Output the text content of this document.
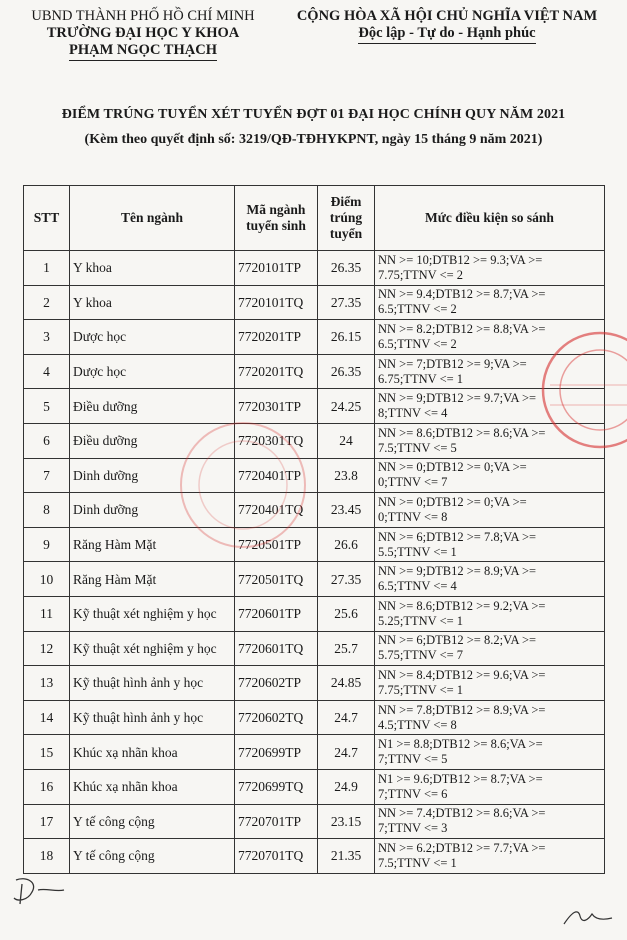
UBND THÀNH PHỐ HỒ CHÍ MINH
TRƯỜNG ĐẠI HỌC Y KHOA
PHẠM NGỌC THẠCH
CỘNG HÒA XÃ HỘI CHỦ NGHĨA VIỆT NAM
Độc lập - Tự do - Hạnh phúc
ĐIỂM TRÚNG TUYỂN XÉT TUYỂN ĐỢT 01 ĐẠI HỌC CHÍNH QUY NĂM 2021
(Kèm theo quyết định số: 3219/QĐ-TĐHYKPNT, ngày 15 tháng 9 năm 2021)
STT	Tên ngành	Mã ngành tuyển sinh	Điểm trúng tuyển	Mức điều kiện so sánh
1	Y khoa	7720101TP	26.35	NN >= 10;DTB12 >= 9.3;VA >=
7.75;TTNV <= 2

2	Y khoa	7720101TQ	27.35	NN >= 9.4;DTB12 >= 8.7;VA >=
6.5;TTNV <= 2

3	Dược học	7720201TP	26.15	NN >= 8.2;DTB12 >= 8.8;VA >=
6.5;TTNV <= 2

4	Dược học	7720201TQ	26.35	NN >= 7;DTB12 >= 9;VA >=
6.75;TTNV <= 1

5	Điều dưỡng	7720301TP	24.25	NN >= 9;DTB12 >= 9.7;VA >=
8;TTNV <= 4

6	Điều dưỡng	7720301TQ	24	NN >= 8.6;DTB12 >= 8.6;VA >=
7.5;TTNV <= 5

7	Dinh dưỡng	7720401TP	23.8	NN >= 0;DTB12 >= 0;VA >=
0;TTNV <= 7

8	Dinh dưỡng	7720401TQ	23.45	NN >= 0;DTB12 >= 0;VA >=
0;TTNV <= 8

9	Răng Hàm Mặt	7720501TP	26.6	NN >= 6;DTB12 >= 7.8;VA >=
5.5;TTNV <= 1

10	Răng Hàm Mặt	7720501TQ	27.35	NN >= 9;DTB12 >= 8.9;VA >=
6.5;TTNV <= 4

11	Kỹ thuật xét nghiệm y học	7720601TP	25.6	NN >= 8.6;DTB12 >= 9.2;VA >=
5.25;TTNV <= 1

12	Kỹ thuật xét nghiệm y học	7720601TQ	25.7	NN >= 6;DTB12 >= 8.2;VA >=
5.75;TTNV <= 7

13	Kỹ thuật hình ảnh y học	7720602TP	24.85	NN >= 8.4;DTB12 >= 9.6;VA >=
7.75;TTNV <= 1

14	Kỹ thuật hình ảnh y học	7720602TQ	24.7	NN >= 7.8;DTB12 >= 8.9;VA >=
4.5;TTNV <= 8

15	Khúc xạ nhãn khoa	7720699TP	24.7	N1 >= 8.8;DTB12 >= 8.6;VA >=
7;TTNV <= 5

16	Khúc xạ nhãn khoa	7720699TQ	24.9	N1 >= 9.6;DTB12 >= 8.7;VA >=
7;TTNV <= 6

17	Y tế công cộng	7720701TP	23.15	NN >= 7.4;DTB12 >= 8.6;VA >=
7;TTNV <= 3

18	Y tế công cộng	7720701TQ	21.35	NN >= 6.2;DTB12 >= 7.7;VA >=
7.5;TTNV <= 1
